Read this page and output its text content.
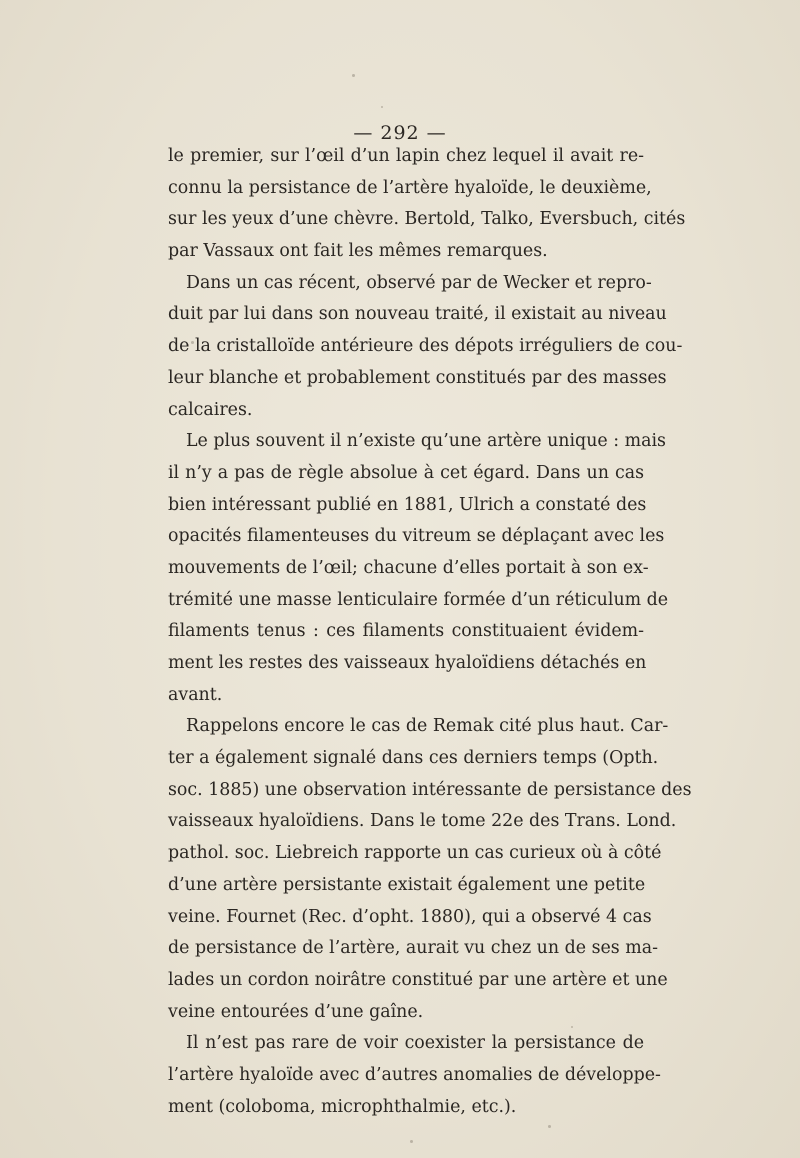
— 292 —
le premier, sur l’œil d’un lapin chez lequel il avait re-
connu la persistance de l’artère hyaloïde, le deuxième,
sur les yeux d’une chèvre. Bertold, Talko, Eversbuch, cités
par Vassaux ont fait les mêmes remarques.
Dans un cas récent, observé par de Wecker et repro-
duit par lui dans son nouveau traité, il existait au niveau
de la cristalloïde antérieure des dépots irréguliers de cou-
leur blanche et probablement constitués par des masses
calcaires.
Le plus souvent il n’existe qu’une artère unique : mais
il n’y a pas de règle absolue à cet égard. Dans un cas
bien intéressant publié en 1881, Ulrich a constaté des
opacités filamenteuses du vitreum se déplaçant avec les
mouvements de l’œil; chacune d’elles portait à son ex-
trémité une masse lenticulaire formée d’un réticulum de
filaments tenus : ces filaments constituaient évidem-
ment les restes des vaisseaux hyaloïdiens détachés en
avant.
Rappelons encore le cas de Remak cité plus haut. Car-
ter a également signalé dans ces derniers temps (Opth.
soc. 1885) une observation intéressante de persistance des
vaisseaux hyaloïdiens. Dans le tome 22e des Trans. Lond.
pathol. soc. Liebreich rapporte un cas curieux où à côté
d’une artère persistante existait également une petite
veine. Fournet (Rec. d’opht. 1880), qui a observé 4 cas
de persistance de l’artère, aurait vu chez un de ses ma-
lades un cordon noirâtre constitué par une artère et une
veine entourées d’une gaîne.
Il n’est pas rare de voir coexister la persistance de
l’artère hyaloïde avec d’autres anomalies de développe-
ment (coloboma, microphthalmie, etc.).
